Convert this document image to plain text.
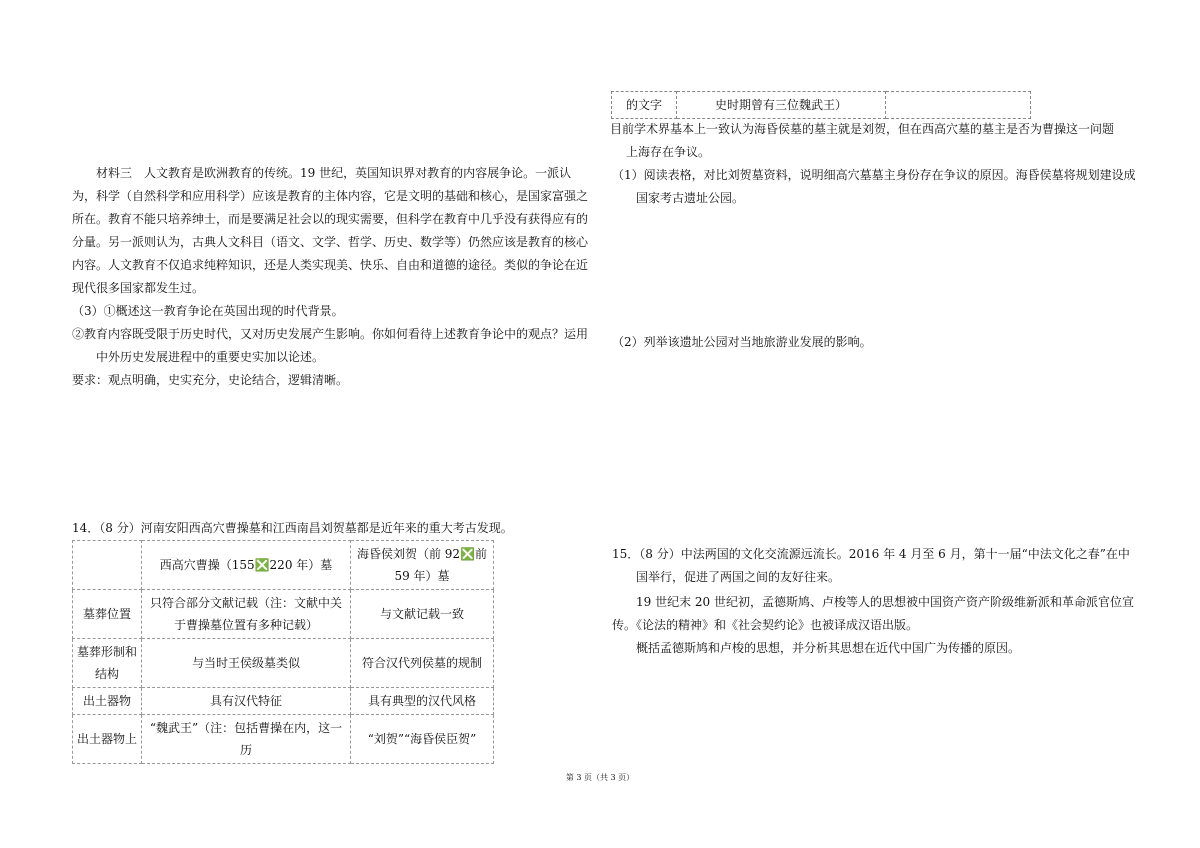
的文字	史时期曾有三位魏武王）	

目前学术界基本上一致认为海昏侯墓的墓主就是刘贺，但在西高穴墓的墓主是否为曹操这一问题

上海存在争议。

（1）阅读表格，对比刘贺墓资料，说明细高穴墓墓主身份存在争议的原因。海昏侯墓将规划建设成国家考古遗址公园。

（2）列举该遗址公园对当地旅游业发展的影响。

15．（8 分）中法两国的文化交流源远流长。2016 年 4 月至 6 月，第十一届“中法文化之春”在中国举行，促进了两国之间的友好往来。

19 世纪末 20 世纪初，孟德斯鸠、卢梭等人的思想被中国资产资产阶级维新派和革命派官位宣传。《论法的精神》和《社会契约论》也被译成汉语出版。

概括孟德斯鸠和卢梭的思想，并分析其思想在近代中国广为传播的原因。

材料三　人文教育是欧洲教育的传统。19 世纪，英国知识界对教育的内容展争论。一派认为，科学（自然科学和应用科学）应该是教育的主体内容，它是文明的基础和核心，是国家富强之所在。教育不能只培养绅士，而是要满足社会以的现实需要，但科学在教育中几乎没有获得应有的分量。另一派则认为，古典人文科目（语文、文学、哲学、历史、数学等）仍然应该是教育的核心内容。人文教育不仅追求纯粹知识，还是人类实现美、快乐、自由和道德的途径。类似的争论在近现代很多国家都发生过。

（3）①概述这一教育争论在英国出现的时代背景。

②教育内容既受限于历史时代，又对历史发展产生影响。你如何看待上述教育争论中的观点？运用中外历史发展进程中的重要史实加以论述。

要求：观点明确，史实充分，史论结合，逻辑清晰。

14．（8 分）河南安阳西高穴曹操墓和江西南昌刘贺墓都是近年来的重大考古发现。

	西高穴曹操（155❎220 年）墓	海昏侯刘贺（前 92❎前 59 年）墓
墓葬位置	只符合部分文献记载（注：文献中关于曹操墓位置有多种记载）	与文献记载一致
墓葬形制和结构	与当时王侯级墓类似	符合汉代列侯墓的规制
出土器物	具有汉代特征	具有典型的汉代风格
出土器物上	“魏武王”（注：包括曹操在内，这一历	“刘贺”“海昏侯臣贺”
第 3 页（共 3 页）
